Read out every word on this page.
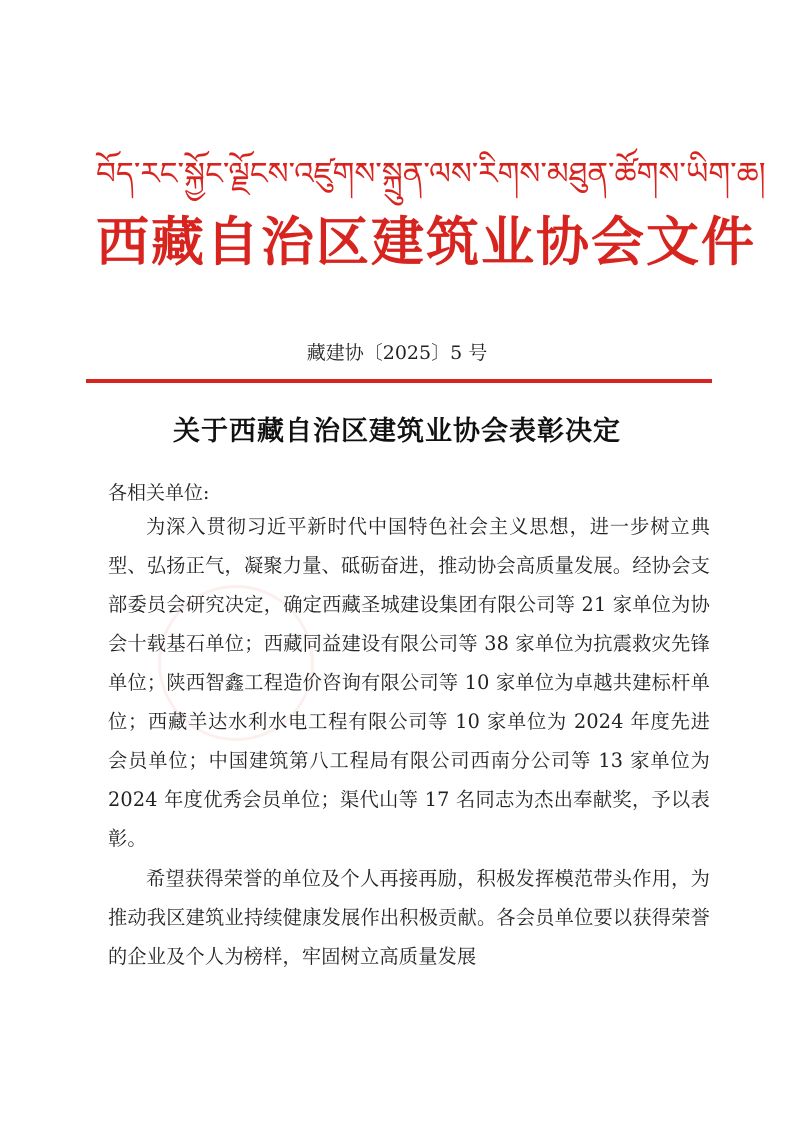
བོད་རང་སྐྱོང་ལྗོངས་འཛུགས་སྐྲུན་ལས་རིགས་མཐུན་ཚོགས་ཡིག་ཆ།
西藏自治区建筑业协会文件
藏建协〔2025〕5 号
关于西藏自治区建筑业协会表彰决定
各相关单位:

为深入贯彻习近平新时代中国特色社会主义思想，进一步树立典型、弘扬正气，凝聚力量、砥砺奋进，推动协会高质量发展。经协会支部委员会研究决定，确定西藏圣城建设集团有限公司等 21 家单位为协会十载基石单位；西藏同益建设有限公司等 38 家单位为抗震救灾先锋单位；陕西智鑫工程造价咨询有限公司等 10 家单位为卓越共建标杆单位；西藏羊达水利水电工程有限公司等 10 家单位为 2024 年度先进会员单位；中国建筑第八工程局有限公司西南分公司等 13 家单位为 2024 年度优秀会员单位；渠代山等 17 名同志为杰出奉献奖，予以表彰。

希望获得荣誉的单位及个人再接再励，积极发挥模范带头作用，为推动我区建筑业持续健康发展作出积极贡献。各会员单位要以获得荣誉的企业及个人为榜样，牢固树立高质量发展
